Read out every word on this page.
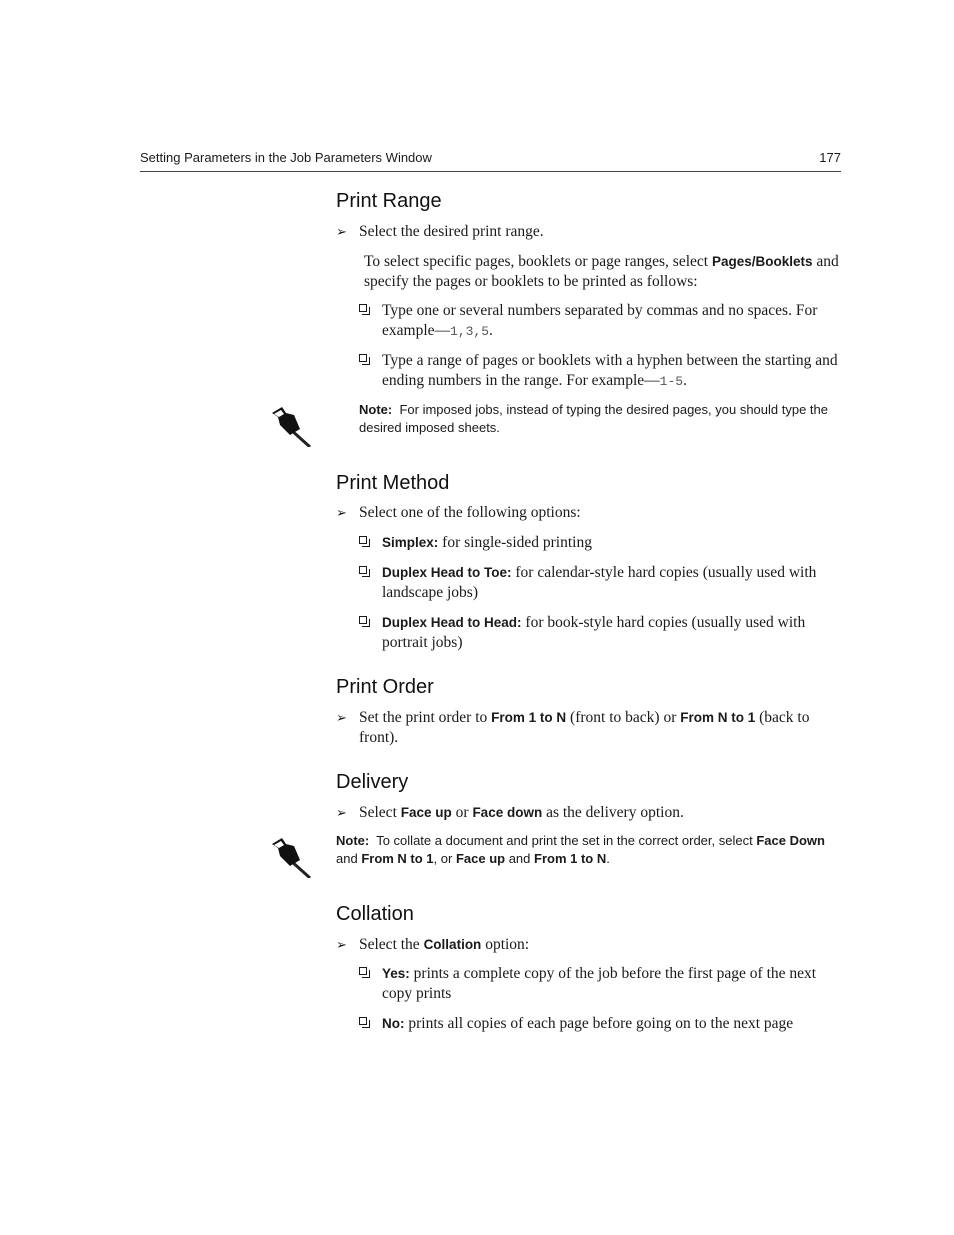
Setting Parameters in the Job Parameters Window	177
Print Range
➢ Select the desired print range.
To select specific pages, booklets or page ranges, select Pages/Booklets and specify the pages or booklets to be printed as follows:
Type one or several numbers separated by commas and no spaces. For example—1,3,5.
Type a range of pages or booklets with a hyphen between the starting and ending numbers in the range. For example—1-5.
Note: For imposed jobs, instead of typing the desired pages, you should type the desired imposed sheets.
Print Method
➢ Select one of the following options:
Simplex: for single-sided printing
Duplex Head to Toe: for calendar-style hard copies (usually used with landscape jobs)
Duplex Head to Head: for book-style hard copies (usually used with portrait jobs)
Print Order
➢ Set the print order to From 1 to N (front to back) or From N to 1 (back to front).
Delivery
➢ Select Face up or Face down as the delivery option.
Note: To collate a document and print the set in the correct order, select Face Down and From N to 1, or Face up and From 1 to N.
Collation
➢ Select the Collation option:
Yes: prints a complete copy of the job before the first page of the next copy prints
No: prints all copies of each page before going on to the next page
